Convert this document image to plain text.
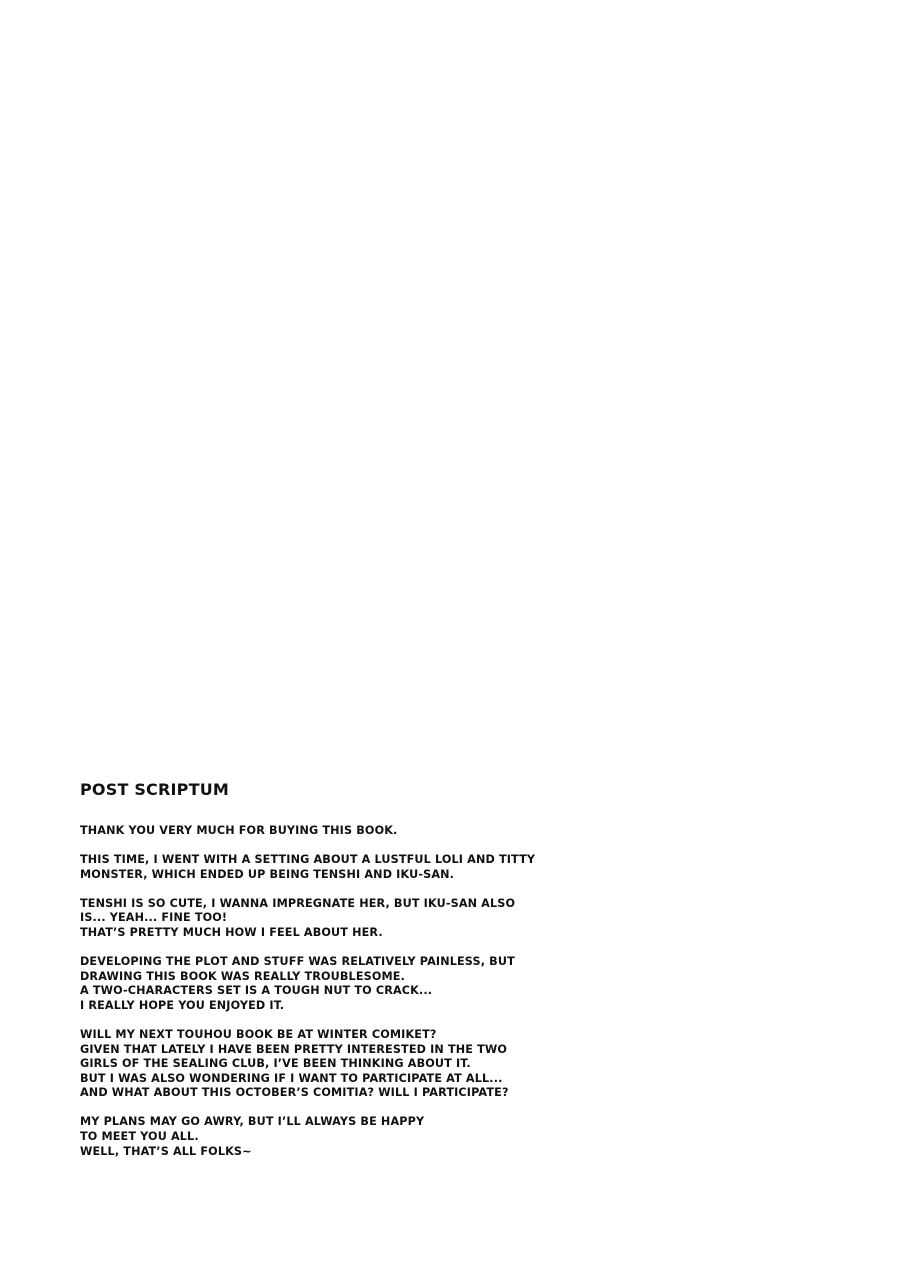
POST SCRIPTUM
THANK YOU VERY MUCH FOR BUYING THIS BOOK.
THIS TIME, I WENT WITH A SETTING ABOUT A LUSTFUL LOLI AND TITTY
MONSTER, WHICH ENDED UP BEING TENSHI AND IKU-SAN.
TENSHI IS SO CUTE, I WANNA IMPREGNATE HER, BUT IKU-SAN ALSO
IS... YEAH... FINE TOO!
THAT’S PRETTY MUCH HOW I FEEL ABOUT HER.
DEVELOPING THE PLOT AND STUFF WAS RELATIVELY PAINLESS, BUT
DRAWING THIS BOOK WAS REALLY TROUBLESOME.
A TWO-CHARACTERS SET IS A TOUGH NUT TO CRACK...
I REALLY HOPE YOU ENJOYED IT.
WILL MY NEXT TOUHOU BOOK BE AT WINTER COMIKET?
GIVEN THAT LATELY I HAVE BEEN PRETTY INTERESTED IN THE TWO
GIRLS OF THE SEALING CLUB, I’VE BEEN THINKING ABOUT IT.
BUT I WAS ALSO WONDERING IF I WANT TO PARTICIPATE AT ALL...
AND WHAT ABOUT THIS OCTOBER’S COMITIA? WILL I PARTICIPATE?
MY PLANS MAY GO AWRY, BUT I’LL ALWAYS BE HAPPY
TO MEET YOU ALL.
WELL, THAT’S ALL FOLKS~
